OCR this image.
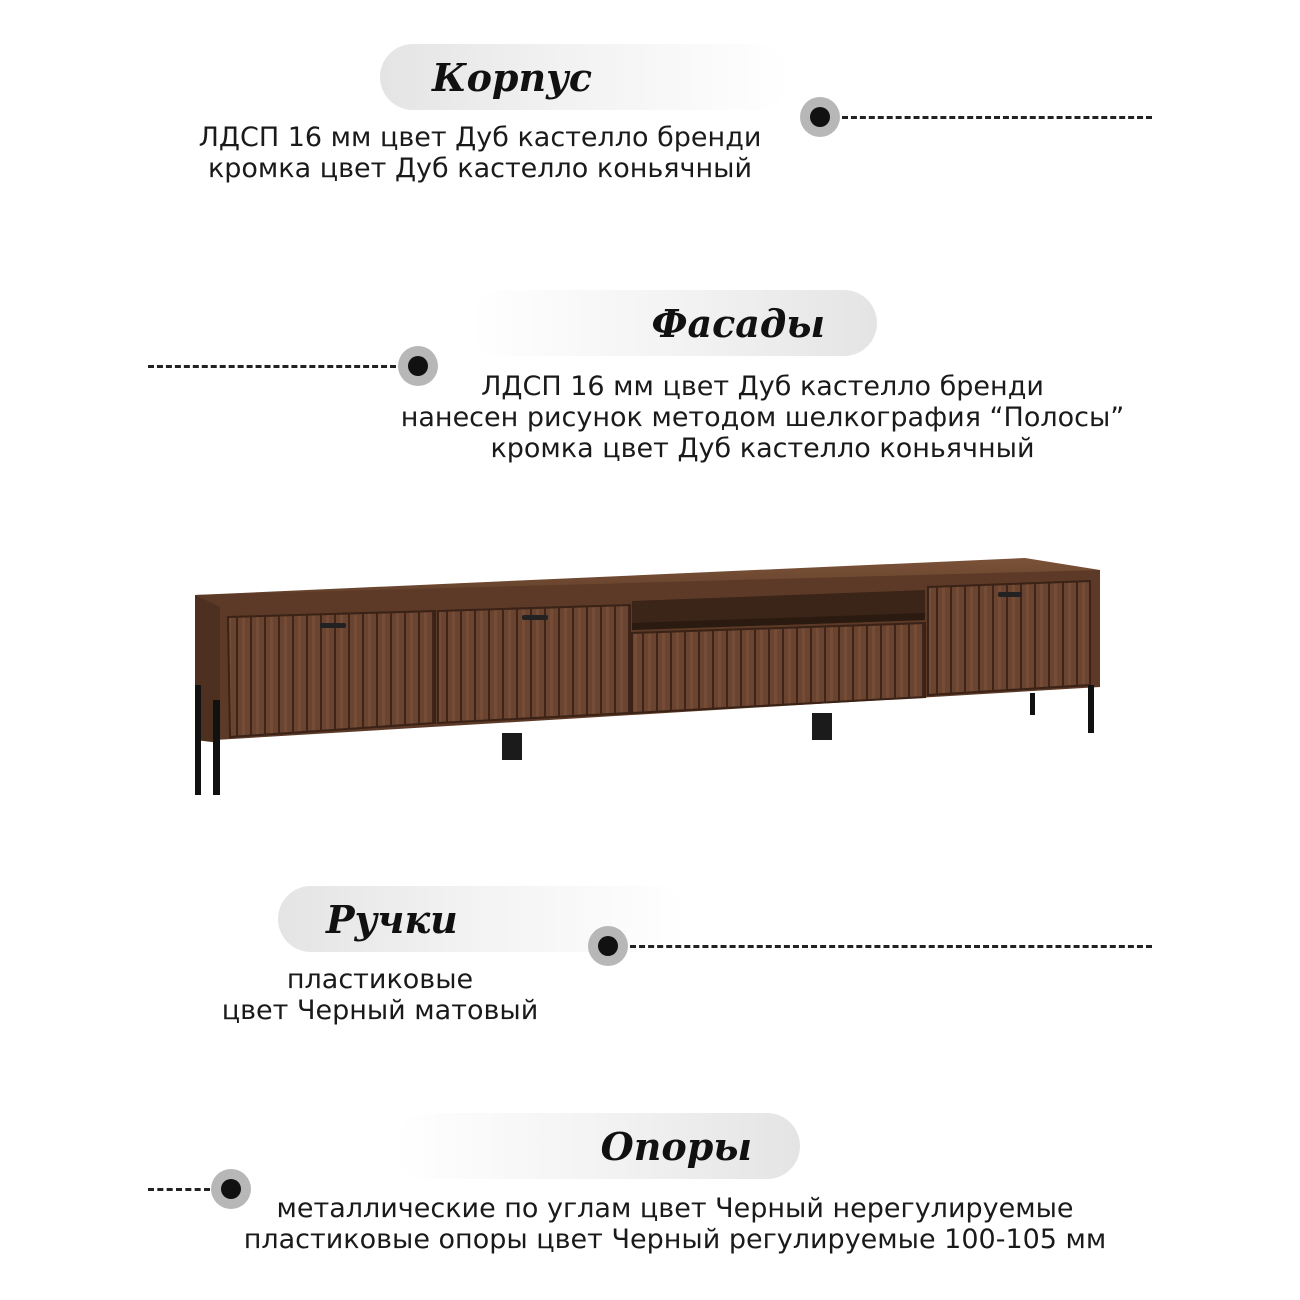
Корпус
ЛДСП 16 мм цвет Дуб кастелло бренди
кромка цвет Дуб кастелло коньячный
Фасады
ЛДСП 16 мм цвет Дуб кастелло бренди
нанесен рисунок методом шелкография “Полосы”
кромка цвет Дуб кастелло коньячный
Ручки
пластиковые
цвет Черный матовый
Опоры
металлические по углам цвет Черный нерегулируемые
пластиковые опоры цвет Черный регулируемые 100-105 мм
